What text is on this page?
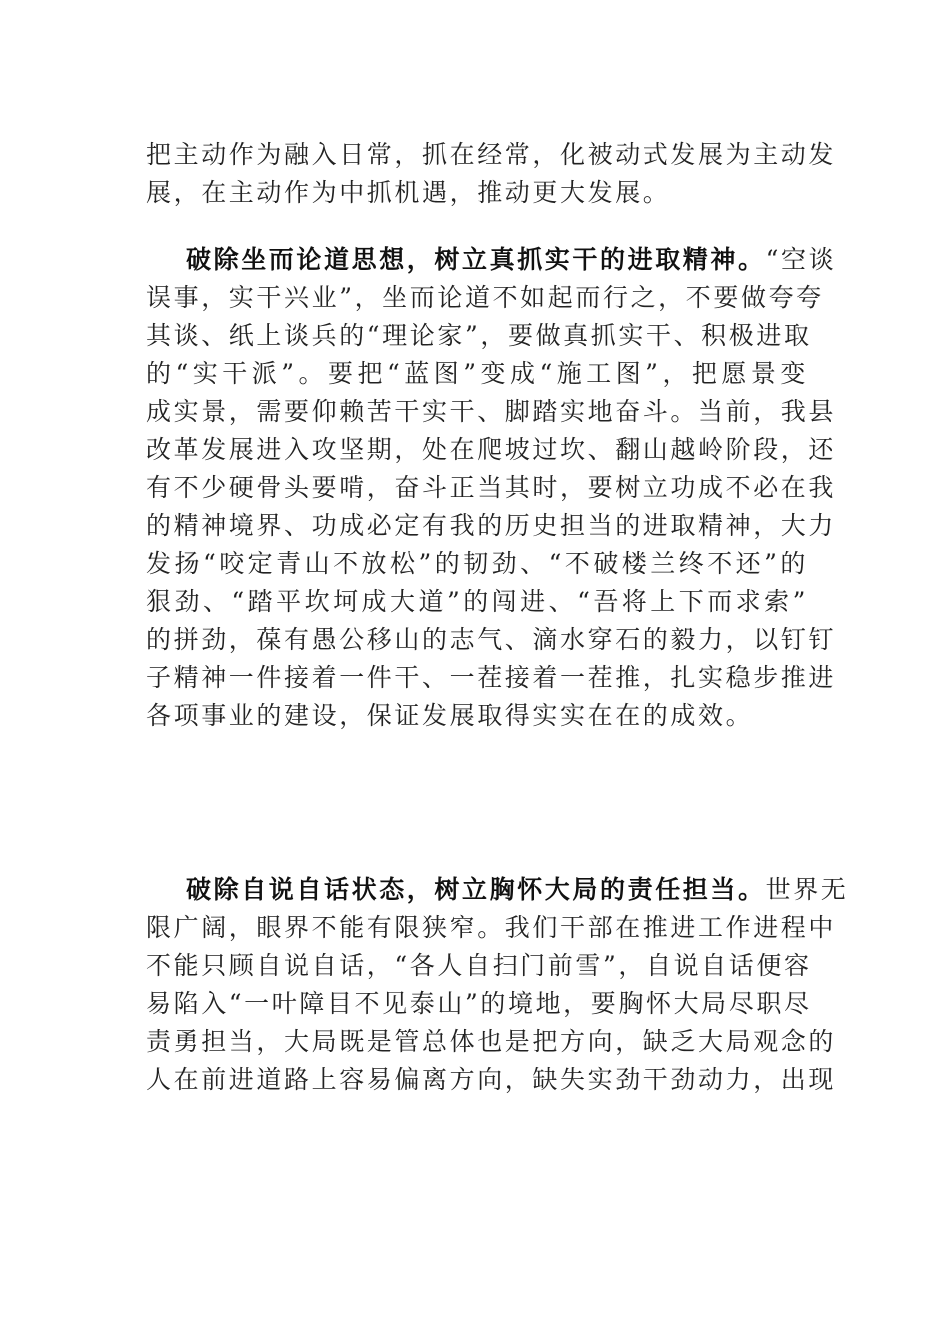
把主动作为融入日常，抓在经常，化被动式发展为主动发
展，在主动作为中抓机遇，推动更大发展。
破除坐而论道思想，树立真抓实干的进取精神。“空谈
误事，实干兴业”，坐而论道不如起而行之，不要做夸夸
其谈、纸上谈兵的“理论家”，要做真抓实干、积极进取
的“实干派”。要把“蓝图”变成“施工图”，把愿景变
成实景，需要仰赖苦干实干、脚踏实地奋斗。当前，我县
改革发展进入攻坚期，处在爬坡过坎、翻山越岭阶段，还
有不少硬骨头要啃，奋斗正当其时，要树立功成不必在我
的精神境界、功成必定有我的历史担当的进取精神，大力
发扬“咬定青山不放松”的韧劲、“不破楼兰终不还”的
狠劲、“踏平坎坷成大道”的闯进、“吾将上下而求索”
的拼劲，葆有愚公移山的志气、滴水穿石的毅力，以钉钉
子精神一件接着一件干、一茬接着一茬推，扎实稳步推进
各项事业的建设，保证发展取得实实在在的成效。
破除自说自话状态，树立胸怀大局的责任担当。世界无
限广阔，眼界不能有限狭窄。我们干部在推进工作进程中
不能只顾自说自话，“各人自扫门前雪”，自说自话便容
易陷入“一叶障目不见泰山”的境地，要胸怀大局尽职尽
责勇担当，大局既是管总体也是把方向，缺乏大局观念的
人在前进道路上容易偏离方向，缺失实劲干劲动力，出现
